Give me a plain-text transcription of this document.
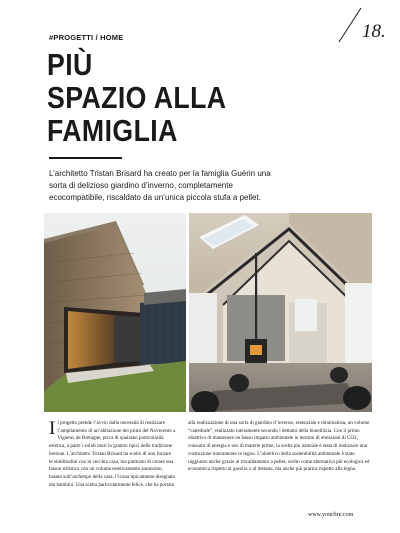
#PROGETTI / HOME	18.
PIÙ
SPAZIO ALLA
FAMIGLIA

L’architetto Tristan Brisard ha creato per la famiglia Guérin una sorta di delizioso giardino d’inverno, completamente ecocompatibile, riscaldato da un’unica piccola stufa a pellet.

Il progetto prende l’avvio dalla necessità di realizzare l’ampliamento di un’abitazione dei primi del Novecento a Vigneux de Bretagne, priva di qualsiasi particolarità estetica, a parte i solidi muri in granito tipici della tradizione bretone. L’architetto Tristan Brisard ha scelto di non forzare le similitudini con la vecchia casa, ma piuttosto di creare una liason stilistica con un volume esteticamente autonomo, basato sull’archetipo della casa, l’icona tipicamente disegnata dai bambini. Una scelta particolarmente felice, che ha portato

alla realizzazione di una sorta di giardino d’inverno, essenziale e minimalista, un volume “cattedrale”, realizzato interamente secondo i dettami della bioedilizia. Con il primo obiettivo di mantenere un basso impatto ambientale in termini di emissioni di CO2, consumi di energia e uso di materie prime, la scelta più naturale è stata di realizzare una costruzione interamente in legno. L’obiettivo della sostenibilità ambientale è stato raggiunto anche grazie al riscaldamento a pellet, scelto come alternativa più ecologica ed economica rispetto al gasolio o al metano, ma anche più pratica rispetto alla legna.

www.yourfire.com
